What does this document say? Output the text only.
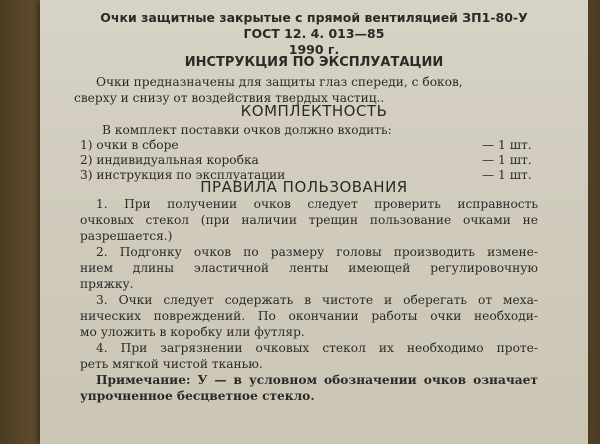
Очки защитные закрытые с прямой вентиляцией ЗП1-80-У
ГОСТ 12. 4. 013—85
1990 г.
ИНСТРУКЦИЯ ПО ЭКСПЛУАТАЦИИ
Очки предназначены для защиты глаз спереди, с боков,
сверху и снизу от воздействия твердых частиц..
КОМПЛЕКТНОСТЬ
В комплект поставки очков должно входить:
1) очки в сборе	— 1 шт.
2) индивидуальная коробка	— 1 шт.
3) инструкция по эксплуатации	— 1 шт.
ПРАВИЛА ПОЛЬЗОВАНИЯ
1. При получении очков следует проверить исправность
очковых стекол (при наличии трещин пользование очками не
разрешается.)
2. Подгонку очков по размеру головы производить измене-
нием длины эластичной ленты имеющей регулировочную
пряжку.
3. Очки следует содержать в чистоте и оберегать от меха-
нических повреждений. По окончании работы очки необходи-
мо уложить в коробку или футляр.
4. При загрязнении очковых стекол их необходимо проте-
реть мягкой чистой тканью.
Примечание: У — в условном обозначении очков означает
упрочненное бесцветное стекло.
